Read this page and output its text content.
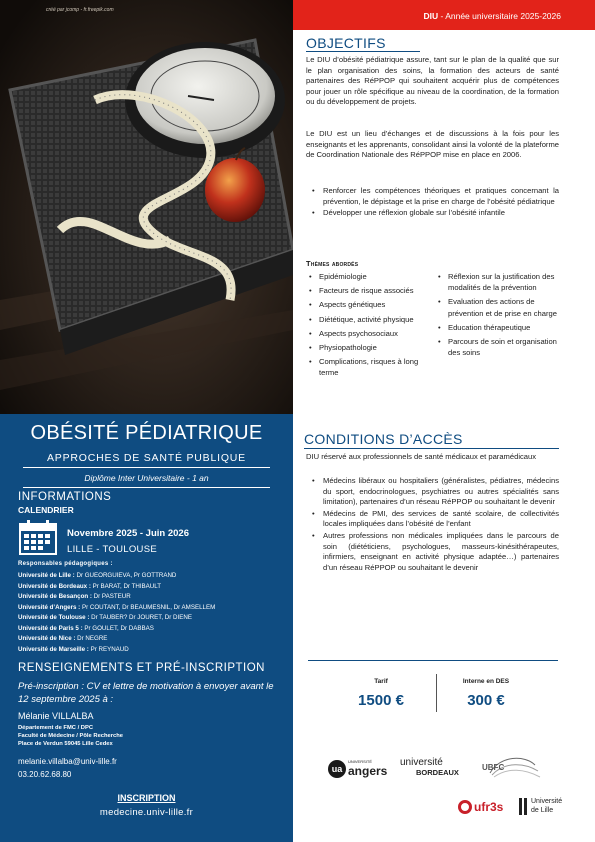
créé par jcomp - fr.freepik.com
OBÉSITÉ PÉDIATRIQUE
APPROCHES DE SANTÉ PUBLIQUE
Diplôme Inter Universitaire - 1 an
INFORMATIONS
CALENDRIER
Novembre 2025 - Juin 2026
LILLE - TOULOUSE
Responsables pédagogiques :
Université de Lille : Dr GUEORGUIEVA, Pr GOTTRAND
Université de Bordeaux : Pr BARAT, Dr THIBAULT
Université de Besançon : Dr PASTEUR
Université d’Angers : Pr COUTANT, Dr BEAUMESNIL, Dr AMSELLEM
Université de Toulouse : Dr TAUBER? Dr JOURET, Dr DIENE
Université de Paris 5 : Pr GOULET, Dr DABBAS
Université de Nice : Dr NEGRE
Université de Marseille : Pr REYNAUD
RENSEIGNEMENTS ET PRÉ-INSCRIPTION
Pré-inscription : CV et lettre de motivation à envoyer avant le 12 septembre 2025 à :
Mélanie VILLALBA
Département de FMC / DPC
Faculté de Médecine / Pôle Recherche
Place de Verdun 59045 Lille Cedex
melanie.villalba@univ-lille.fr
03.20.62.68.80
INSCRIPTION
medecine.univ-lille.fr
DIU - Année universitaire 2025-2026
OBJECTIFS
Le DIU d’obésité pédiatrique assure, tant sur le plan de la qualité que sur le plan organisation des soins, la formation des acteurs de santé partenaires des RéPPOP qui souhaitent acquérir plus de compétences pour jouer un rôle spécifique au niveau de la coordination, de la formation ou du développement de projets.
Le DIU est un lieu d’échanges et de discussions à la fois pour les enseignants et les apprenants, consolidant ainsi la volonté de la plateforme de Coordination Nationale des RéPPOP mise en place en 2006.
• Renforcer les compétences théoriques et pratiques concernant la prévention, le dépistage et la prise en charge de l’obésité pédiatrique
• Développer une réflexion globale sur l’obésité infantile
Thèmes abordés
• Epidémiologie
• Facteurs de risque associés
• Aspects génétiques
• Diététique, activité physique
• Aspects psychosociaux
• Physiopathologie
• Complications, risques à long terme
• Réflexion sur la justification des modalités de la prévention
• Evaluation des actions de prévention et de prise en charge
• Education thérapeutique
• Parcours de soin et organisation des soins
CONDITIONS D’ACCÈS
DIU réservé aux professionnels de santé médicaux et paramédicaux
• Médecins libéraux ou hospitaliers (généralistes, pédiatres, médecins du sport, endocrinologues, psychiatres ou autres spécialités sans limitation), partenaires d’un réseau RéPPOP ou souhaitant le devenir
• Médecins de PMI, des services de santé scolaire, de collectivités locales impliquées dans l’obésité de l’enfant
• Autres professions non médicales impliquées dans le parcours de soin (diététiciens, psychologues, masseurs-kinésithérapeutes, infirmiers, enseignant en activité physique adaptée…) partenaires d’un réseau RéPPOP ou souhaitant le devenir
Tarif
1500 €
Interne en DES
300 €
ua
UNIVERSITÉ
angers
université
BORDEAUX
UBFC
ufr3s	Université
de Lille
